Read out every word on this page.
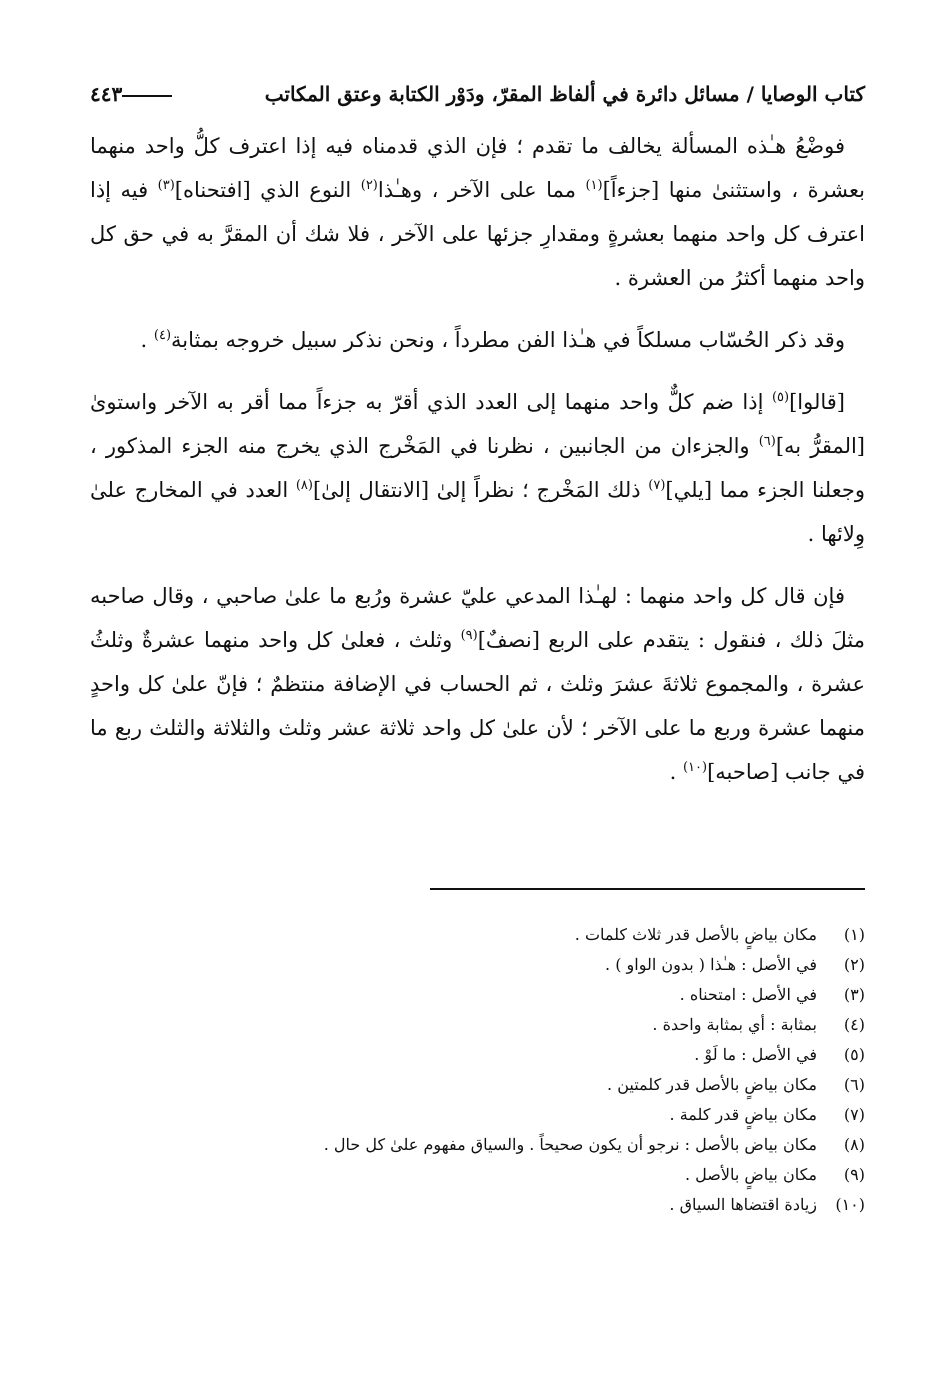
كتاب الوصايا / مسائل دائرة في ألفاظ المقرّ، ودَوْر الكتابة وعتق المكاتب
٤٤٣

فوضْعُ هـٰذه المسألة يخالف ما تقدم ؛ فإن الذي قدمناه فيه إذا اعترف كلُّ واحد منهما بعشرة ، واستثنىٰ منها [جزءاً]$^{(١)}$ مما على الآخر ، وهـٰذا$^{(٢)}$ النوع الذي [افتحناه]$^{(٣)}$ فيه إذا اعترف كل واحد منهما بعشرةٍ ومقدارِ جزئها على الآخر ، فلا شك أن المقرَّ به في حق كل واحد منهما أكثرُ من العشرة .

وقد ذكر الحُسّاب مسلكاً في هـٰذا الفن مطرداً ، ونحن نذكر سبيل خروجه بمثابة$^{(٤)}$ .

[قالوا]$^{(٥)}$ إذا ضم كلٌّ واحد منهما إلى العدد الذي أقرّ به جزءاً مما أقر به الآخر واستوىٰ [المقرُّ به]$^{(٦)}$ والجزءان من الجانبين ، نظرنا في المَخْرج الذي يخرج منه الجزء المذكور ، وجعلنا الجزء مما [يلي]$^{(٧)}$ ذلك المَخْرج ؛ نظراً إلىٰ [الانتقال إلىٰ]$^{(٨)}$ العدد في المخارج علىٰ وِلائها .

فإن قال كل واحد منهما : لهـٰذا المدعي عليّ عشرة ورُبع ما علىٰ صاحبي ، وقال صاحبه مثلَ ذلك ، فنقول : يتقدم على الربع [نصفٌ]$^{(٩)}$ وثلث ، فعلىٰ كل واحد منهما عشرةٌ وثلثُ عشرة ، والمجموع ثلاثةَ عشرَ وثلث ، ثم الحساب في الإضافة منتظمٌ ؛ فإنّ علىٰ كل واحدٍ منهما عشرة وربع ما على الآخر ؛ لأن علىٰ كل واحد ثلاثة عشر وثلث والثلاثة والثلث ربع ما في جانب [صاحبه]$^{(١٠)}$ .

(١)
مكان بياضٍ بالأصل قدر ثلاث كلمات .
(٢)
في الأصل : هـٰذا ( بدون الواو ) .
(٣)
في الأصل : امتحناه .
(٤)
بمثابة : أي بمثابة واحدة .
(٥)
في الأصل : ما لَوْ .
(٦)
مكان بياضٍ بالأصل قدر كلمتين .
(٧)
مكان بياضٍ قدر كلمة .
(٨)
مكان بياض بالأصل : نرجو أن يكون صحيحاً . والسياق مفهوم علىٰ كل حال .
(٩)
مكان بياضٍ بالأصل .
(١٠)
زيادة اقتضاها السياق .
